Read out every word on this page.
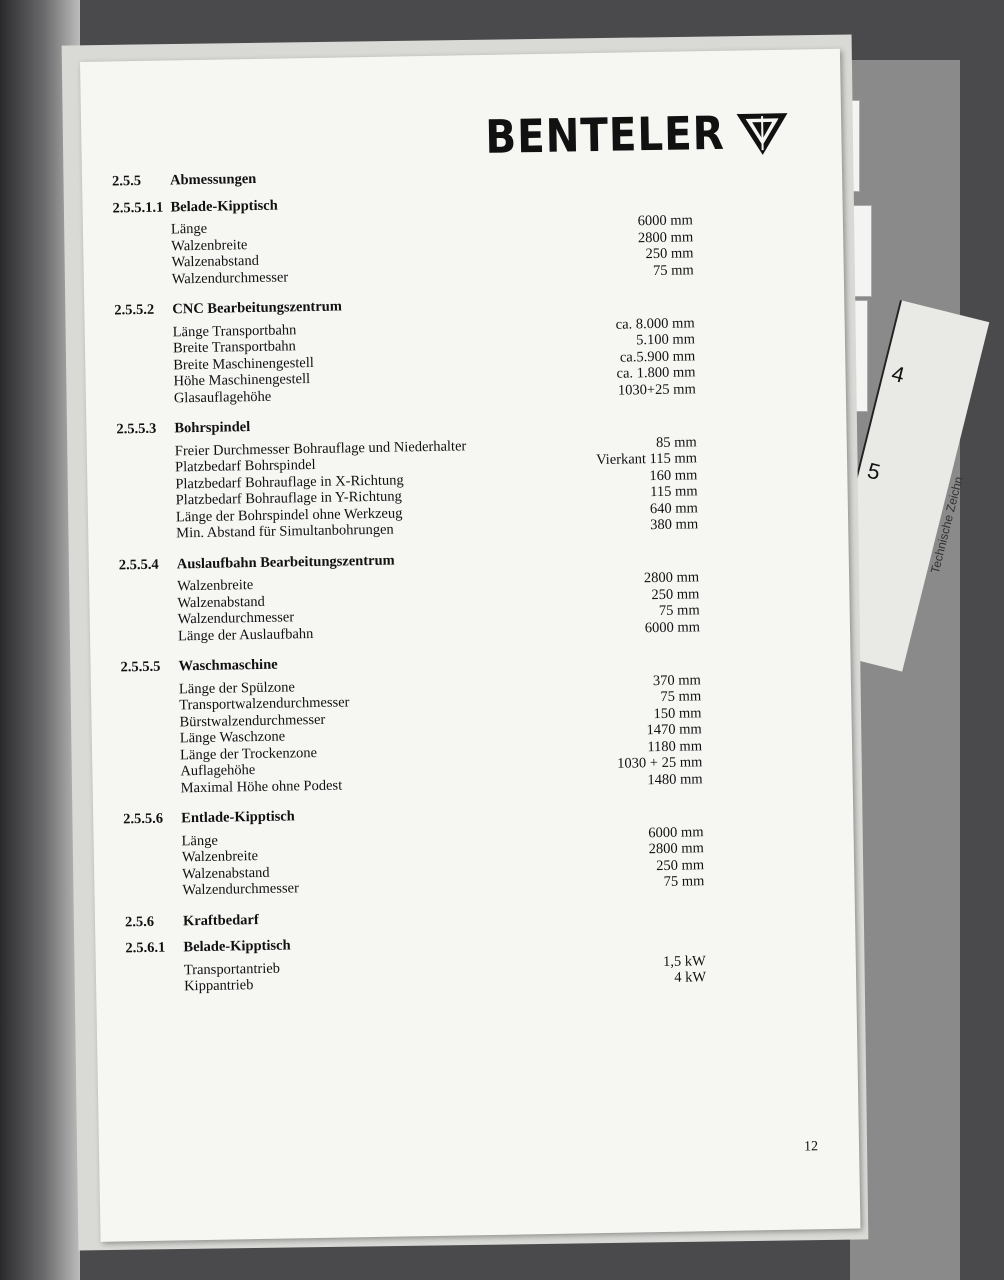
4
5
Technische Zeichn
BENTELER
2.5.5	Abmessungen
2.5.5.1.1 Belade-Kipptisch
Länge	6000 mm
Walzenbreite	2800 mm
Walzenabstand	250 mm
Walzendurchmesser	75 mm
2.5.5.2	CNC Bearbeitungszentrum
Länge Transportbahn	ca. 8.000 mm
Breite Transportbahn	5.100 mm
Breite Maschinengestell	ca.5.900 mm
Höhe Maschinengestell	ca. 1.800 mm
Glasauflagehöhe	1030+25 mm
2.5.5.3	Bohrspindel
Freier Durchmesser Bohrauflage und Niederhalter	85 mm
Platzbedarf Bohrspindel	Vierkant 115 mm
Platzbedarf Bohrauflage in X-Richtung	160 mm
Platzbedarf Bohrauflage in Y-Richtung	115 mm
Länge der Bohrspindel ohne Werkzeug	640 mm
Min. Abstand für Simultanbohrungen	380 mm
2.5.5.4	Auslaufbahn Bearbeitungszentrum
Walzenbreite	2800 mm
Walzenabstand	250 mm
Walzendurchmesser	75 mm
Länge der Auslaufbahn	6000 mm
2.5.5.5	Waschmaschine
Länge der Spülzone	370 mm
Transportwalzendurchmesser	75 mm
Bürstwalzendurchmesser	150 mm
Länge Waschzone	1470 mm
Länge der Trockenzone	1180 mm
Auflagehöhe	1030 + 25 mm
Maximal Höhe ohne Podest	1480 mm
2.5.5.6	Entlade-Kipptisch
Länge	6000 mm
Walzenbreite	2800 mm
Walzenabstand	250 mm
Walzendurchmesser	75 mm
2.5.6	Kraftbedarf
2.5.6.1	Belade-Kipptisch
Transportantrieb	1,5 kW
Kippantrieb	4 kW
12
